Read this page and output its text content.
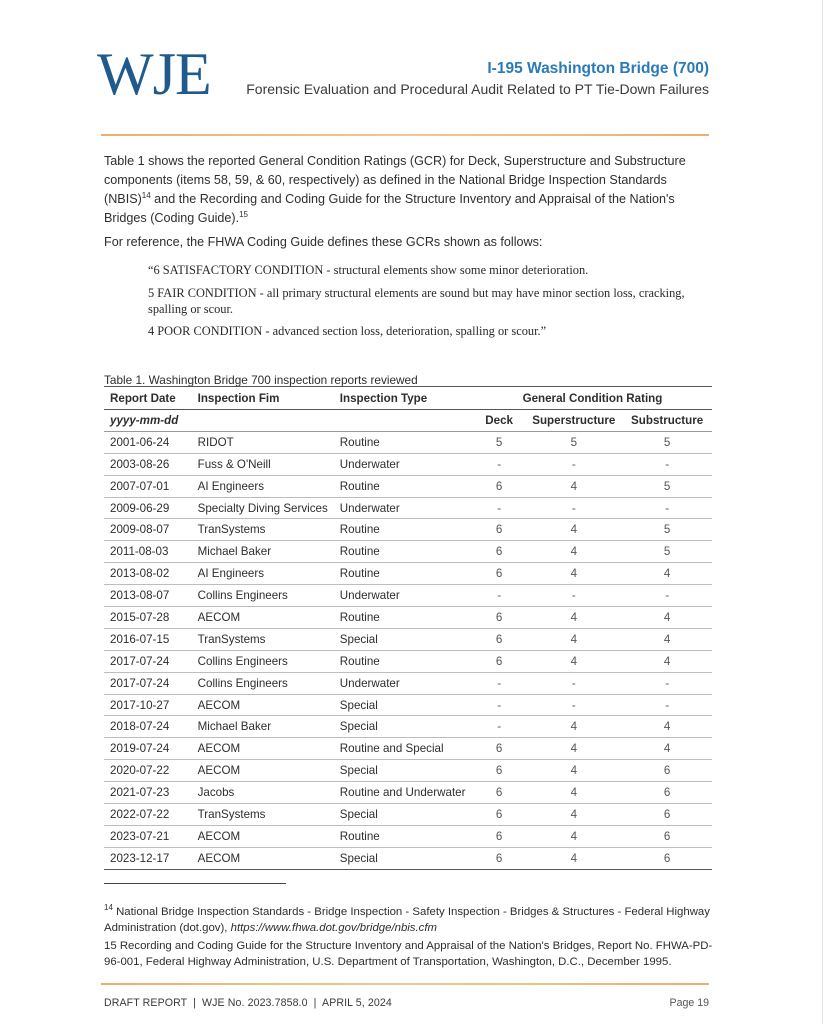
WJE	I-195 Washington Bridge (700)
Forensic Evaluation and Procedural Audit Related to PT Tie-Down Failures
Table 1 shows the reported General Condition Ratings (GCR) for Deck, Superstructure and Substructure components (items 58, 59, & 60, respectively) as defined in the National Bridge Inspection Standards (NBIS)$^{14}$ and the Recording and Coding Guide for the Structure Inventory and Appraisal of the Nation's Bridges (Coding Guide).$^{15}$
For reference, the FHWA Coding Guide defines these GCRs shown as follows:
“6 SATISFACTORY CONDITION - structural elements show some minor deterioration.
5 FAIR CONDITION - all primary structural elements are sound but may have minor section loss, cracking, spalling or scour.
4 POOR CONDITION - advanced section loss, deterioration, spalling or scour.”
Table 1. Washington Bridge 700 inspection reports reviewed
Report Date	Inspection Fim	Inspection Type	General Condition Rating		
yyyy-mm-dd			Deck	Superstructure	Substructure
2001-06-24	RIDOT	Routine	5	5	5
2003-08-26	Fuss & O'Neill	Underwater	-	-	-
2007-07-01	AI Engineers	Routine	6	4	5
2009-06-29	Specialty Diving Services	Underwater	-	-	-
2009-08-07	TranSystems	Routine	6	4	5
2011-08-03	Michael Baker	Routine	6	4	5
2013-08-02	AI Engineers	Routine	6	4	4
2013-08-07	Collins Engineers	Underwater	-	-	-
2015-07-28	AECOM	Routine	6	4	4
2016-07-15	TranSystems	Special	6	4	4
2017-07-24	Collins Engineers	Routine	6	4	4
2017-07-24	Collins Engineers	Underwater	-	-	-
2017-10-27	AECOM	Special	-	-	-
2018-07-24	Michael Baker	Special	-	4	4
2019-07-24	AECOM	Routine and Special	6	4	4
2020-07-22	AECOM	Special	6	4	6
2021-07-23	Jacobs	Routine and Underwater	6	4	6
2022-07-22	TranSystems	Special	6	4	6
2023-07-21	AECOM	Routine	6	4	6
2023-12-17	AECOM	Special	6	4	6
$^{14}$ National Bridge Inspection Standards - Bridge Inspection - Safety Inspection - Bridges & Structures - Federal Highway Administration (dot.gov), https://www.fhwa.dot.gov/bridge/nbis.cfm
15 Recording and Coding Guide for the Structure Inventory and Appraisal of the Nation's Bridges, Report No. FHWA-PD-96-001, Federal Highway Administration, U.S. Department of Transportation, Washington, D.C., December 1995.
DRAFT REPORT  |  WJE No. 2023.7858.0  |  APRIL 5, 2024	Page 19
